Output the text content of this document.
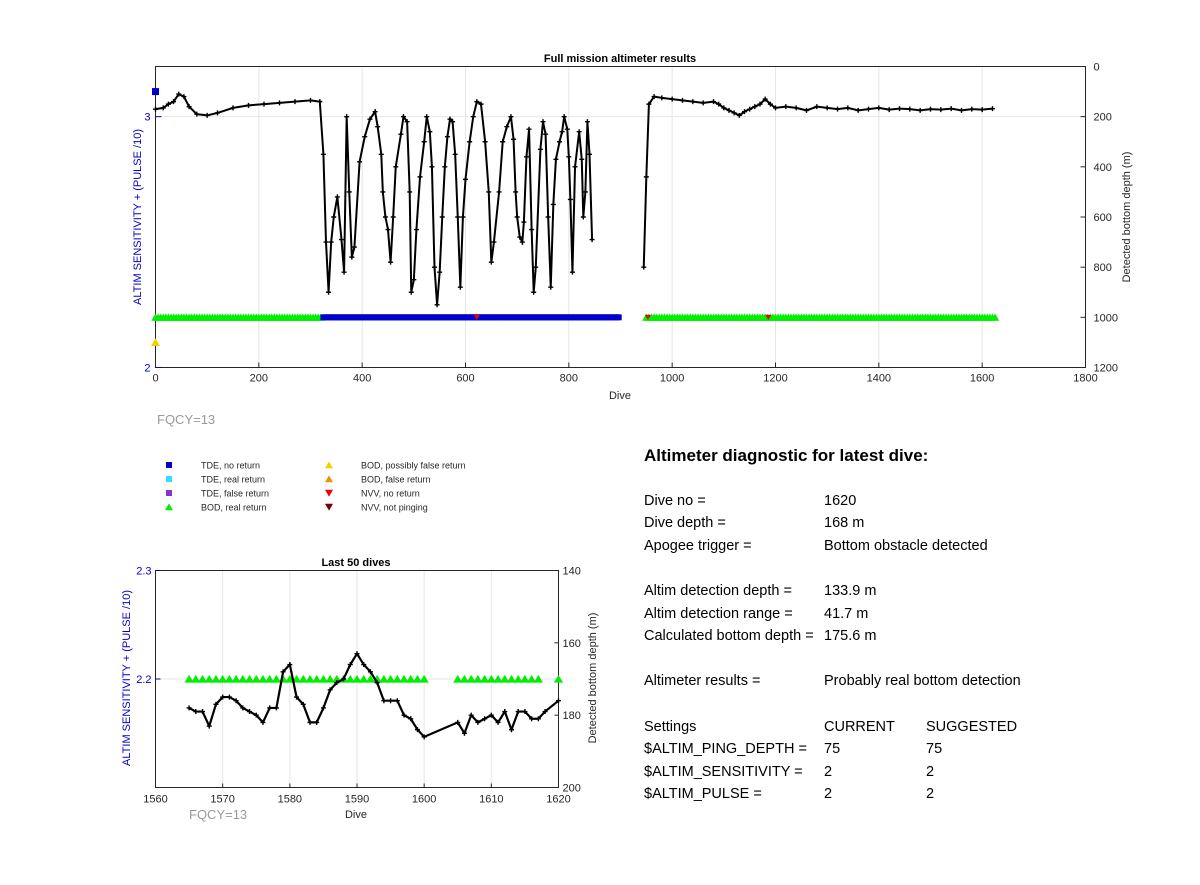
0	200	400	600	800	1000	1200	1400	1600	1800
2
3
0
200
400
600
800
1000
1200
Full mission altimeter results
Dive
ALTIM SENSITIVITY + (PULSE /10)	Detected bottom depth (m)
FQCY=13
TDE, no return
TDE, real return
TDE, false return
BOD, real return
BOD, possibly false return
BOD, false return
NVV, no return
NVV, not pinging
1560	1570	1580	1590	1600	1610	1620
2.2
2.3	140
160
180
200
Last 50 dives
Dive
ALTIM SENSITIVITY + (PULSE /10)	Detected bottom depth (m)
FQCY=13
Altimeter diagnostic for latest dive:
Dive no =	1620
Dive depth =	168 m
Apogee trigger =	Bottom obstacle detected
Altim detection depth = 133.9 m
Altim detection range = 41.7 m
Calculated bottom depth = 175.6 m
Altimeter results =	Probably real bottom detection
Settings	CURRENT SUGGESTED
$ALTIM_PING_DEPTH = 75	75
$ALTIM_SENSITIVITY = 2	2
$ALTIM_PULSE =	2	2
